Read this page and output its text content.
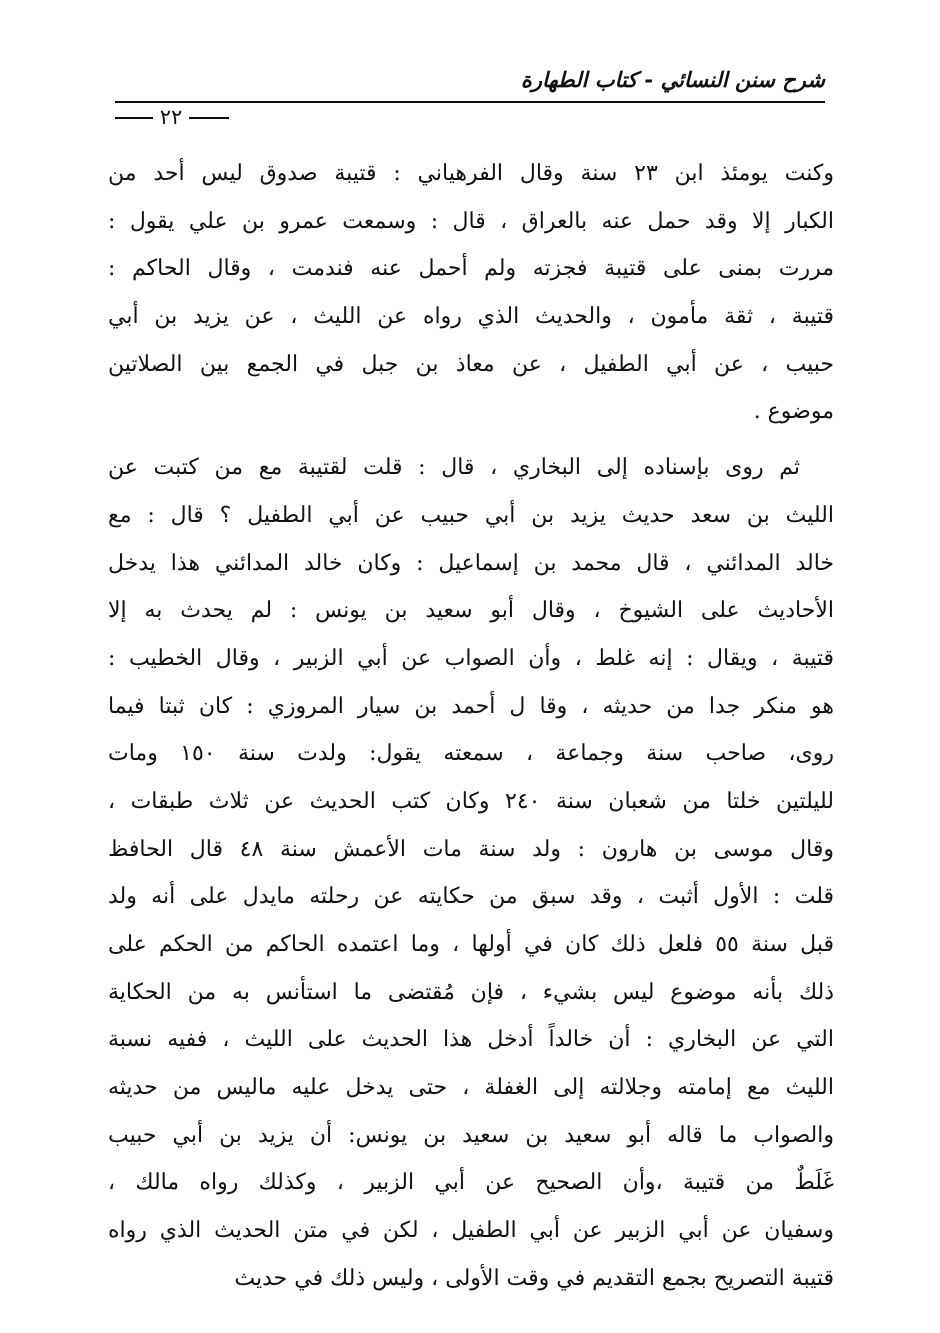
شرح سنن النسائي - كتاب الطهارة
٢٢
وكنت يومئذ ابن ٢٣ سنة وقال الفرهياني : قتيبة صدوق ليس أحد من
الكبار إلا وقد حمل عنه بالعراق ، قال : وسمعت عمرو بن علي يقول :
مررت بمنى على قتيبة فجزته ولم أحمل عنه فندمت ، وقال الحاكم :
قتيبة ، ثقة مأمون ، والحديث الذي رواه عن الليث ، عن يزيد بن أبي
حبيب ، عن أبي الطفيل ، عن معاذ بن جبل في الجمع بين الصلاتين
موضوع .
ثم روى بإسناده إلى البخاري ، قال : قلت لقتيبة مع من كتبت عن
الليث بن سعد حديث يزيد بن أبي حبيب عن أبي الطفيل ؟ قال : مع
خالد المدائني ، قال محمد بن إسماعيل : وكان خالد المدائني هذا يدخل
الأحاديث على الشيوخ ، وقال أبو سعيد بن يونس : لم يحدث به إلا
قتيبة ، ويقال : إنه غلط ، وأن الصواب عن أبي الزبير ، وقال الخطيب :
هو منكر جدا من حديثه ، وقا ل أحمد بن سيار المروزي : كان ثبتا فيما
روى، صاحب سنة وجماعة ، سمعته يقول: ولدت سنة ١٥٠ ومات
لليلتين خلتا من شعبان سنة ٢٤٠ وكان كتب الحديث عن ثلاث طبقات ،
وقال موسى بن هارون : ولد سنة مات الأعمش سنة ٤٨ قال الحافظ
قلت : الأول أثبت ، وقد سبق من حكايته عن رحلته مايدل على أنه ولد
قبل سنة ٥٥ فلعل ذلك كان في أولها ، وما اعتمده الحاكم من الحكم على
ذلك بأنه موضوع ليس بشيء ، فإن مُقتضى ما استأنس به من الحكاية
التي عن البخاري : أن خالداً أدخل هذا الحديث على الليث ، ففيه نسبة
الليث مع إمامته وجلالته إلى الغفلة ، حتى يدخل عليه ماليس من حديثه
والصواب ما قاله أبو سعيد بن سعيد بن يونس: أن يزيد بن أبي حبيب
غَلَطٌ من قتيبة ،وأن الصحيح عن أبي الزبير ، وكذلك رواه مالك ،
وسفيان عن أبي الزبير عن أبي الطفيل ، لكن في متن الحديث الذي رواه
قتيبة التصريح بجمع التقديم في وقت الأولى ، وليس ذلك في حديث
